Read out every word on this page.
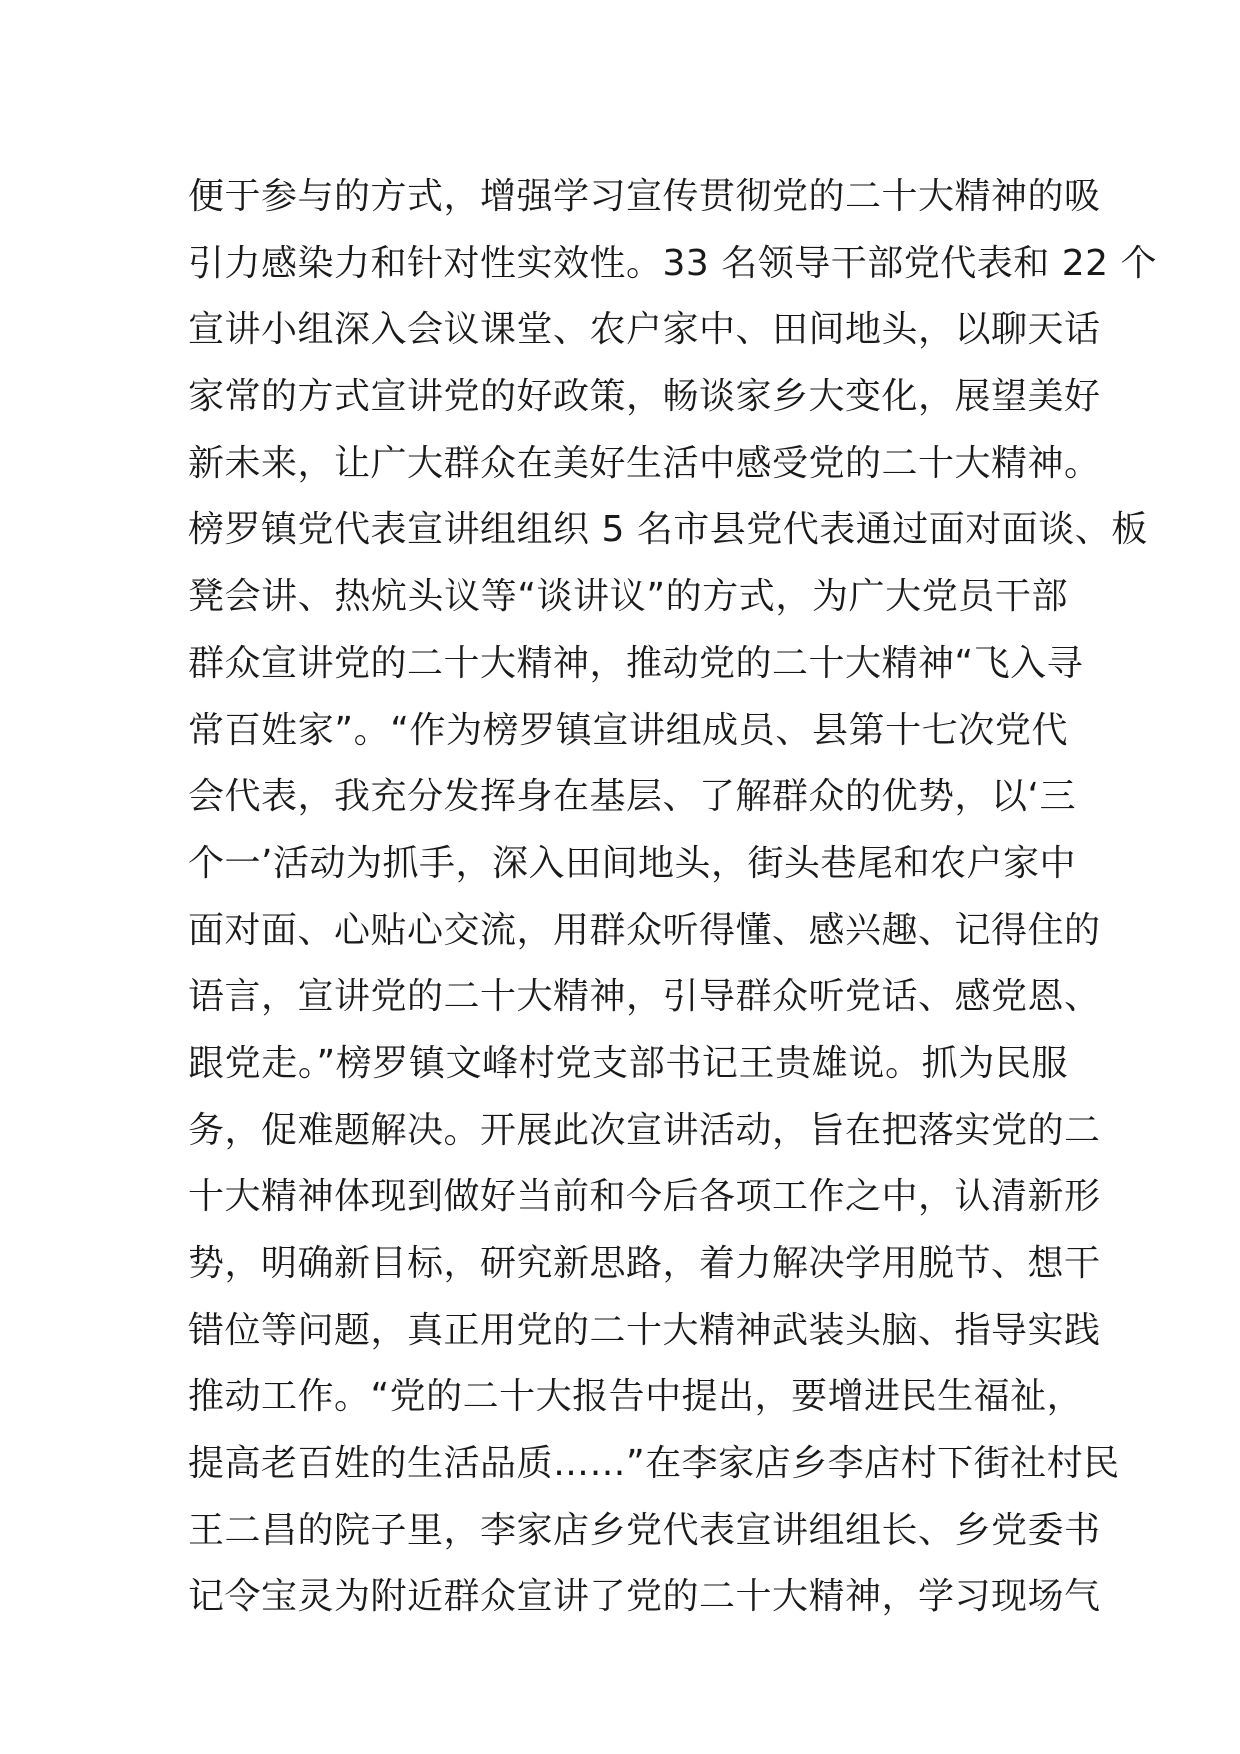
便于参与的方式，增强学习宣传贯彻党的二十大精神的吸
引力感染力和针对性实效性。33 名领导干部党代表和 22 个
宣讲小组深入会议课堂、农户家中、田间地头，以聊天话
家常的方式宣讲党的好政策，畅谈家乡大变化，展望美好
新未来，让广大群众在美好生活中感受党的二十大精神。
榜罗镇党代表宣讲组组织 5 名市县党代表通过面对面谈、板
凳会讲、热炕头议等“谈讲议”的方式，为广大党员干部
群众宣讲党的二十大精神，推动党的二十大精神“飞入寻
常百姓家”。“作为榜罗镇宣讲组成员、县第十七次党代
会代表，我充分发挥身在基层、了解群众的优势，以‘三
个一’活动为抓手，深入田间地头，街头巷尾和农户家中
面对面、心贴心交流，用群众听得懂、感兴趣、记得住的
语言，宣讲党的二十大精神，引导群众听党话、感党恩、
跟党走。”榜罗镇文峰村党支部书记王贵雄说。抓为民服
务，促难题解决。开展此次宣讲活动，旨在把落实党的二
十大精神体现到做好当前和今后各项工作之中，认清新形
势，明确新目标，研究新思路，着力解决学用脱节、想干
错位等问题，真正用党的二十大精神武装头脑、指导实践
推动工作。“党的二十大报告中提出，要增进民生福祉，
提高老百姓的生活品质……”在李家店乡李店村下街社村民
王二昌的院子里，李家店乡党代表宣讲组组长、乡党委书
记令宝灵为附近群众宣讲了党的二十大精神，学习现场气
